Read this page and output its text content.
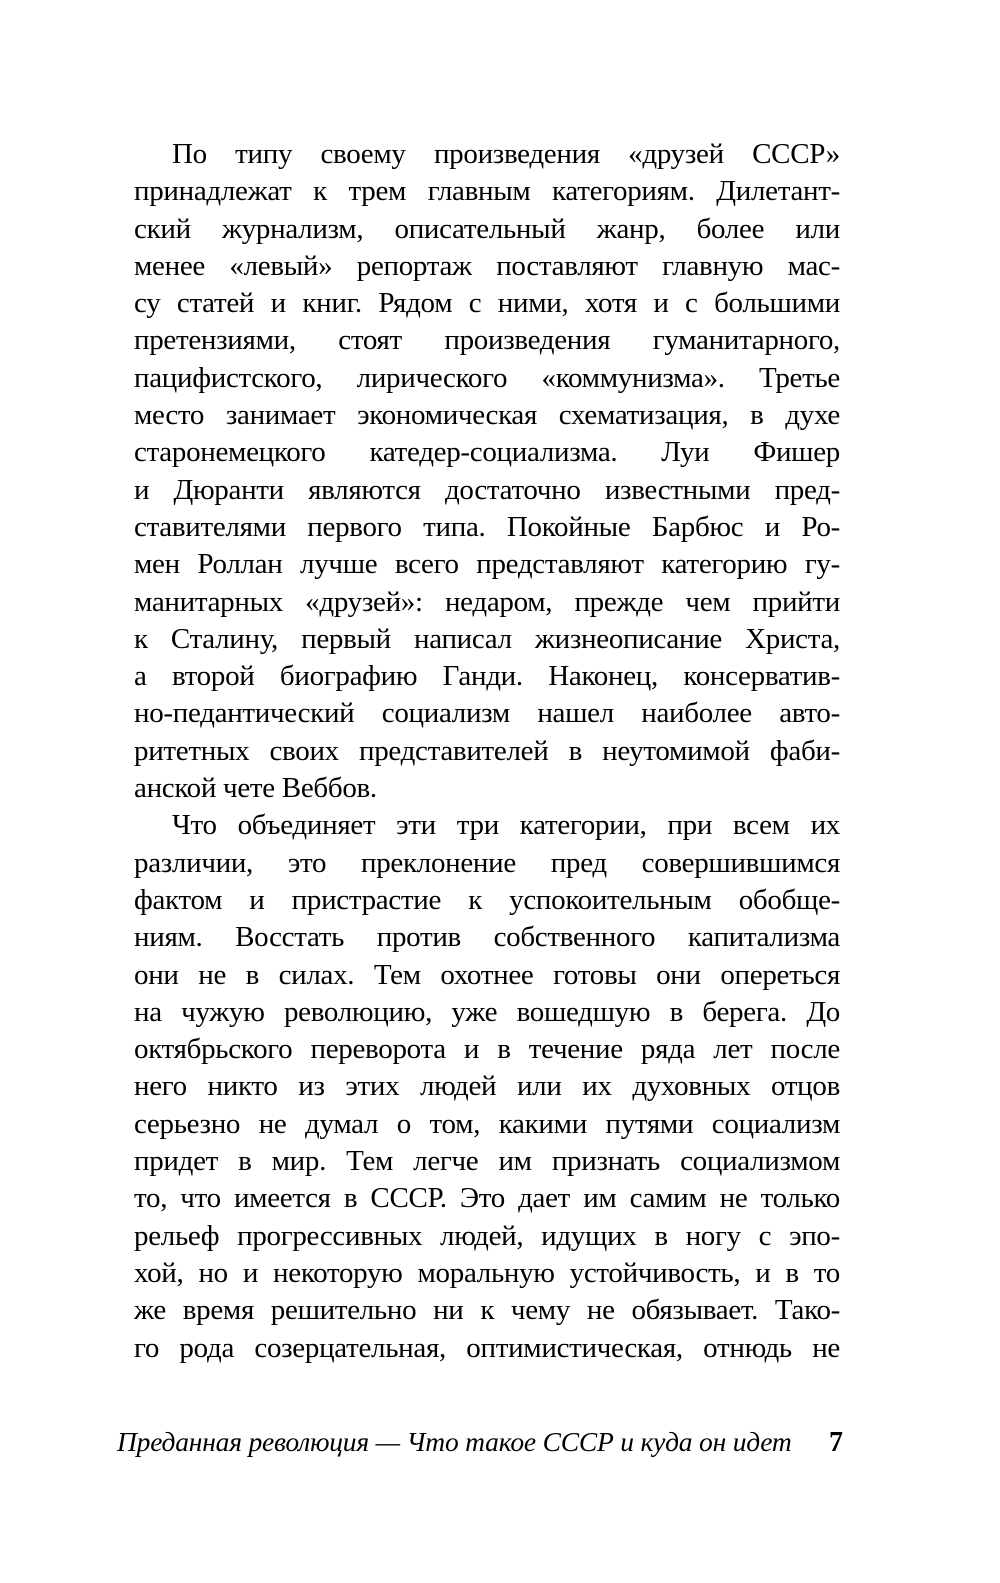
По типу своему произведения «друзей СССР»
принадлежат к трем главным категориям. Дилетант-
ский журнализм, описательный жанр, более или
менее «левый» репортаж поставляют главную мас-
су статей и книг. Рядом с ними, хотя и с большими
претензиями, стоят произведения гуманитарного,
пацифистского, лирического «коммунизма». Третье
место занимает экономическая схематизация, в духе
старонемецкого катедер-социализма. Луи Фишер
и Дюранти являются достаточно известными пред-
ставителями первого типа. Покойные Барбюс и Ро-
мен Роллан лучше всего представляют категорию гу-
манитарных «друзей»: недаром, прежде чем прийти
к Сталину, первый написал жизнеописание Христа,
а второй биографию Ганди. Наконец, консерватив-
но-педантический социализм нашел наиболее авто-
ритетных своих представителей в неутомимой фаби-
анской чете Веббов.
Что объединяет эти три категории, при всем их
различии, это преклонение пред совершившимся
фактом и пристрастие к успокоительным обобще-
ниям. Восстать против собственного капитализма
они не в силах. Тем охотнее готовы они опереться
на чужую революцию, уже вошедшую в берега. До
октябрьского переворота и в течение ряда лет после
него никто из этих людей или их духовных отцов
серьезно не думал о том, какими путями социализм
придет в мир. Тем легче им признать социализмом
то, что имеется в СССР. Это дает им самим не только
рельеф прогрессивных людей, идущих в ногу с эпо-
хой, но и некоторую моральную устойчивость, и в то
же время решительно ни к чему не обязывает. Тако-
го рода созерцательная, оптимистическая, отнюдь не
Преданная революция — Что такое СССР и куда он идет 7
